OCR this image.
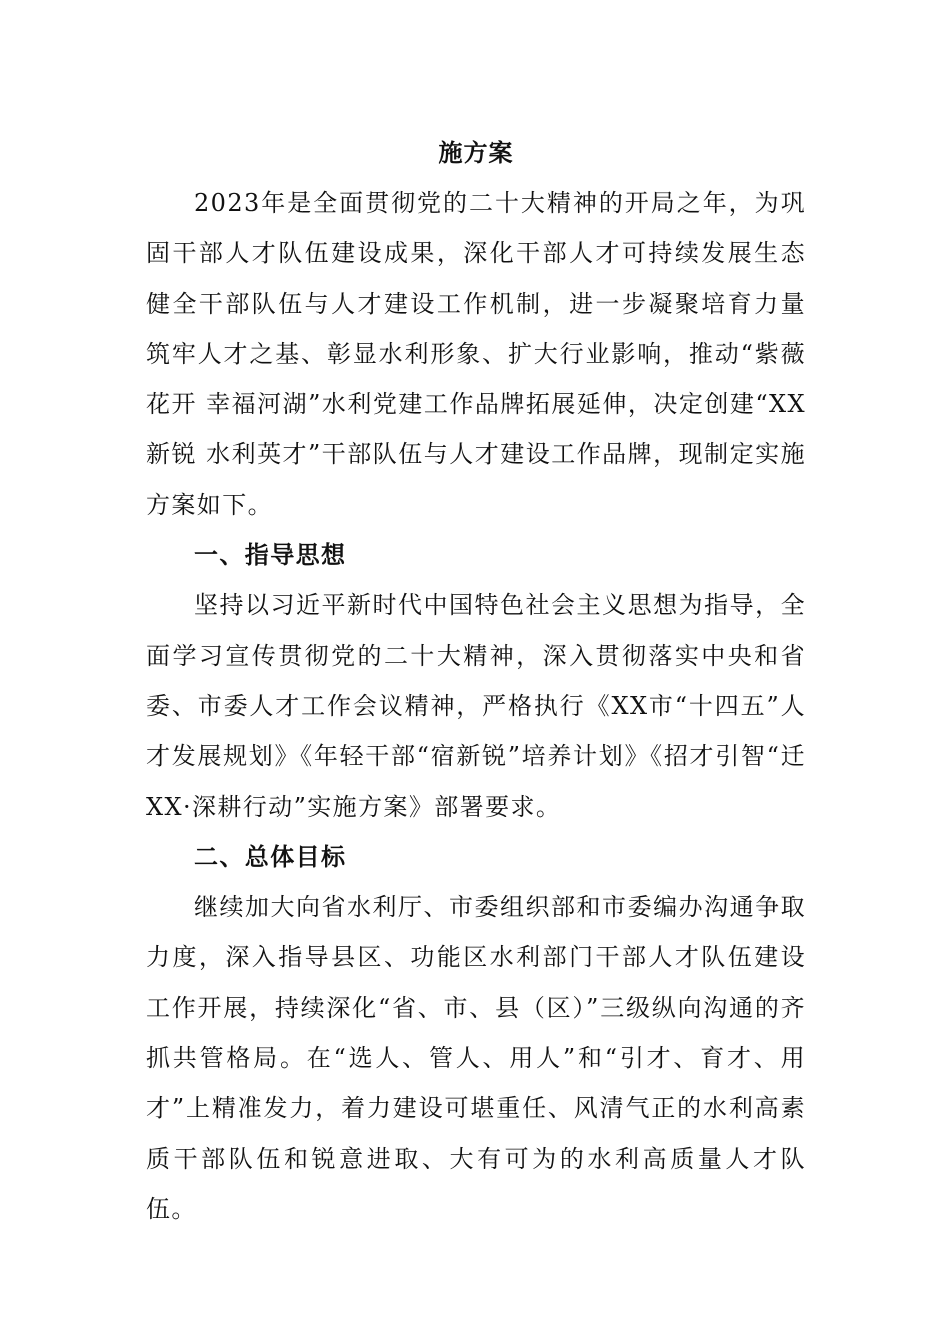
施方案

2023年是全面贯彻党的二十大精神的开局之年，为巩固干部人才队伍建设成果，深化干部人才可持续发展生态健全干部队伍与人才建设工作机制，进一步凝聚培育力量筑牢人才之基、彰显水利形象、扩大行业影响，推动“紫薇花开 幸福河湖”水利党建工作品牌拓展延伸，决定创建“XX新锐 水利英才”干部队伍与人才建设工作品牌，现制定实施方案如下。

一、指导思想

坚持以习近平新时代中国特色社会主义思想为指导，全面学习宣传贯彻党的二十大精神，深入贯彻落实中央和省委、市委人才工作会议精神，严格执行《XX市“十四五”人才发展规划》《年轻干部“宿新锐”培养计划》《招才引智“迁XX·深耕行动”实施方案》部署要求。

二、总体目标

继续加大向省水利厅、市委组织部和市委编办沟通争取力度，深入指导县区、功能区水利部门干部人才队伍建设工作开展，持续深化“省、市、县（区）”三级纵向沟通的齐抓共管格局。在“选人、管人、用人”和“引才、育才、用才”上精准发力，着力建设可堪重任、风清气正的水利高素质干部队伍和锐意进取、大有可为的水利高质量人才队伍。
